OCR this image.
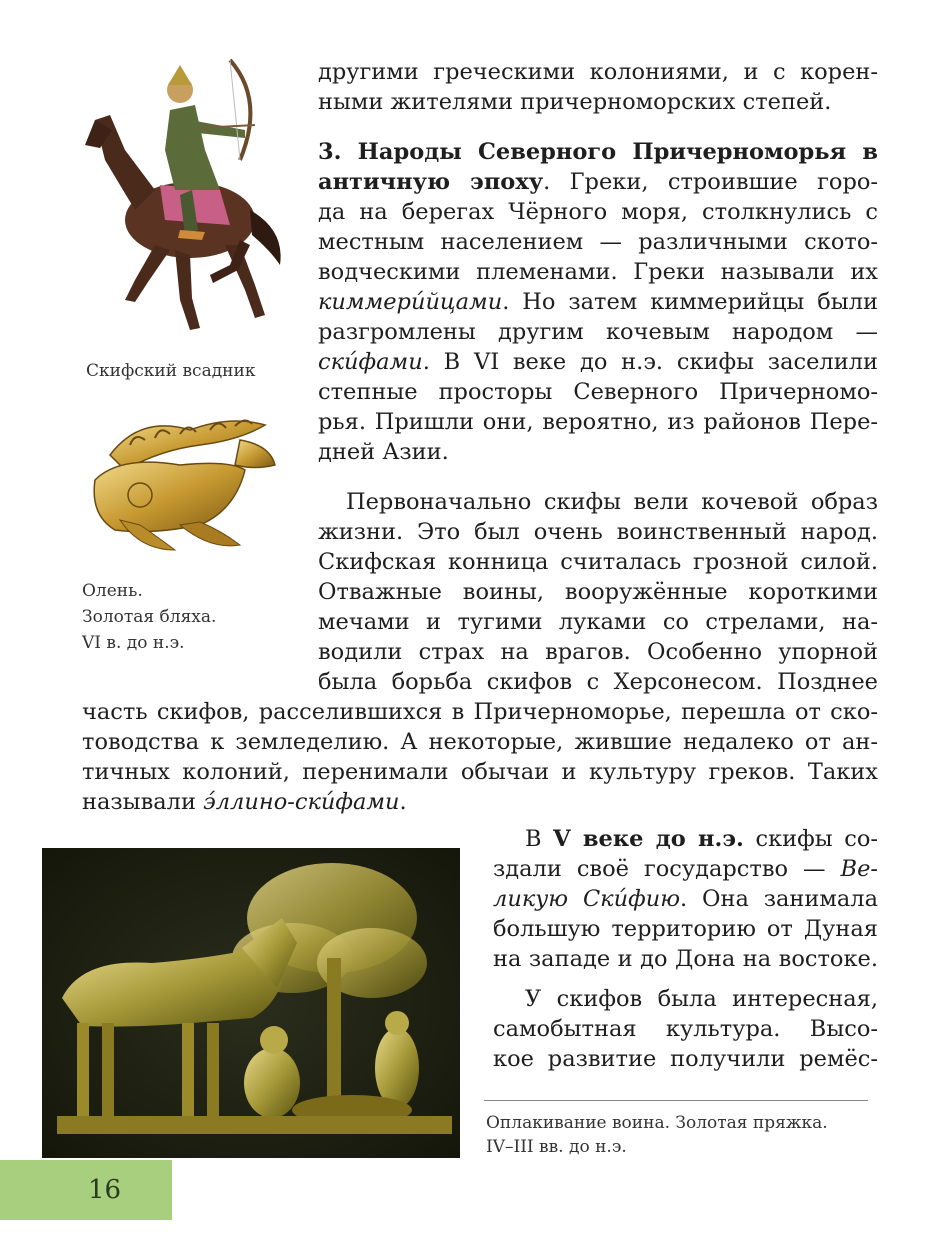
Скифский всадник
Олень.
Золотая бляха.
VI в. до н.э.
другими греческими колониями, и с корен-
ными жителями причерноморских степей.
3. Народы Северного Причерноморья в
античную эпоху. Греки, строившие горо-
да на берегах Чёрного моря, столкнулись с
местным населением — различными ското-
водческими племенами. Греки называли их
киммери́йцами. Но затем киммерийцы были
разгромлены другим кочевым народом —
ски́фами. В VI веке до н.э. скифы заселили
степные просторы Северного Причерномо-
рья. Пришли они, вероятно, из районов Пере-
дней Азии.
Первоначально скифы вели кочевой образ
жизни. Это был очень воинственный народ.
Скифская конница считалась грозной силой.
Отважные воины, вооружённые короткими
мечами и тугими луками со стрелами, на-
водили страх на врагов. Особенно упорной
была борьба скифов с Херсонесом. Позднее
часть скифов, расселившихся в Причерноморье, перешла от ско-
товодства к земледелию. А некоторые, жившие недалеко от ан-
тичных колоний, перенимали обычаи и культуру греков. Таких
называли э́ллино-ски́фами.
В V веке до н.э. скифы со-
здали своё государство — Ве-
ликую Ски́фию. Она занимала
большую территорию от Дуная
на западе и до Дона на востоке.
У скифов была интересная,
самобытная культура. Высо-
кое развитие получили ремёс-
Оплакивание воина. Золотая пряжка.
IV–III вв. до н.э.
16
